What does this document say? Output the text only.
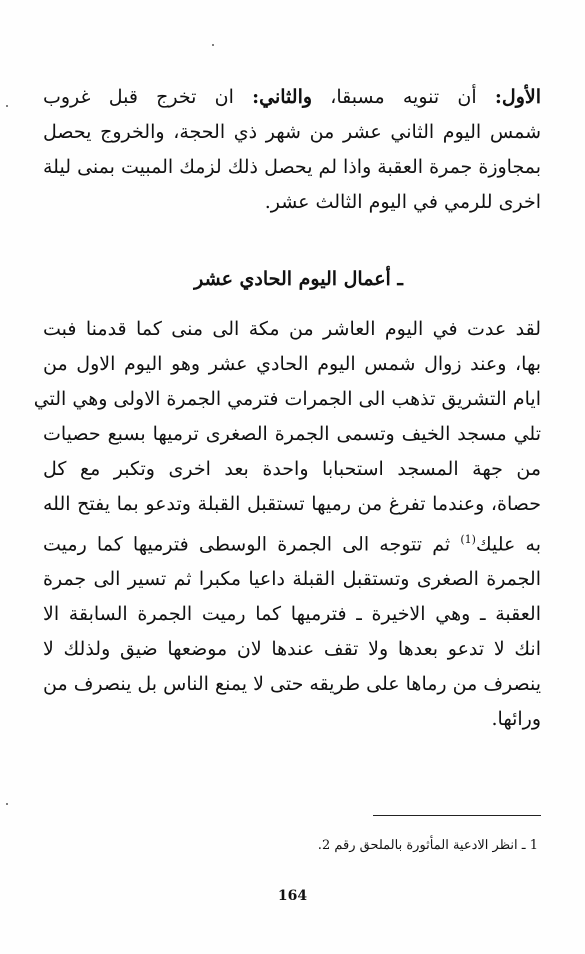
الأول: أن تنويه مسبقا، والثاني: ان تخرج قبل غروب
شمس اليوم الثاني عشر من شهر ذي الحجة، والخروج يحصل
بمجاوزة جمرة العقبة واذا لم يحصل ذلك لزمك المبيت بمنى ليلة
اخرى للرمي في اليوم الثالث عشر.
ـ أعمال اليوم الحادي عشر
لقد عدت في اليوم العاشر من مكة الى منى كما قدمنا فبت
بها، وعند زوال شمس اليوم الحادي عشر وهو اليوم الاول من
ايام التشريق تذهب الى الجمرات فترمي الجمرة الاولى وهي التي
تلي مسجد الخيف وتسمى الجمرة الصغرى ترميها بسبع حصيات
من جهة المسجد استحبابا واحدة بعد اخرى وتكبر مع كل
حصاة، وعندما تفرغ من رميها تستقبل القبلة وتدعو بما يفتح الله
به عليك$^{(1)}$ ثم تتوجه الى الجمرة الوسطى فترميها كما رميت
الجمرة الصغرى وتستقبل القبلة داعيا مكبرا ثم تسير الى جمرة
العقبة ـ وهي الاخيرة ـ فترميها كما رميت الجمرة السابقة الا
انك لا تدعو بعدها ولا تقف عندها لان موضعها ضيق ولذلك لا
ينصرف من رماها على طريقه حتى لا يمنع الناس بل ينصرف من
ورائها.
1 ـ انظر الادعية المأثورة بالملحق رقم 2.
164
